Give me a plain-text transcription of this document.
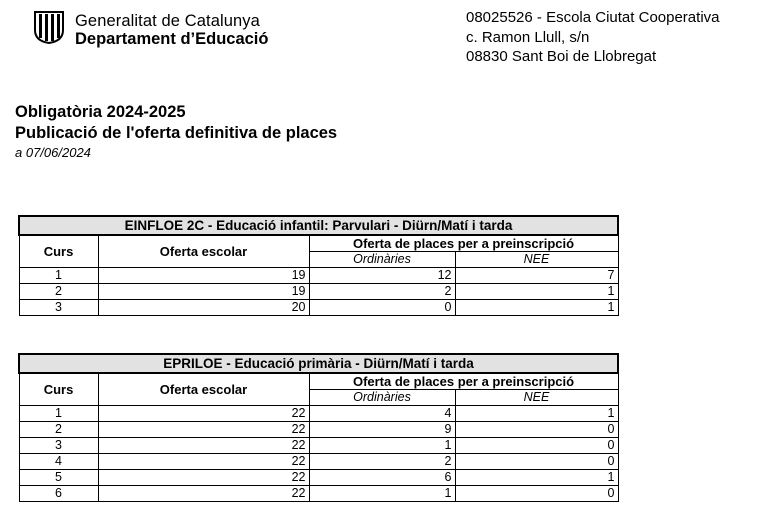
Generalitat de Catalunya
Departament d’Educació
08025526 - Escola Ciutat Cooperativa
c. Ramon Llull, s/n
08830 Sant Boi de Llobregat
Obligatòria 2024-2025
Publicació de l'oferta definitiva de places
a 07/06/2024
EINFLOE 2C - Educació infantil: Parvulari - Diürn/Matí i tarda			
Curs	Oferta escolar	Oferta de places per a preinscripció	
		Ordinàries	NEE
1	19	12	7
2	19	2	1
3	20	0	1
EPRILOE - Educació primària - Diürn/Matí i tarda			
Curs	Oferta escolar	Oferta de places per a preinscripció	
		Ordinàries	NEE
1	22	4	1
2	22	9	0
3	22	1	0
4	22	2	0
5	22	6	1
6	22	1	0
